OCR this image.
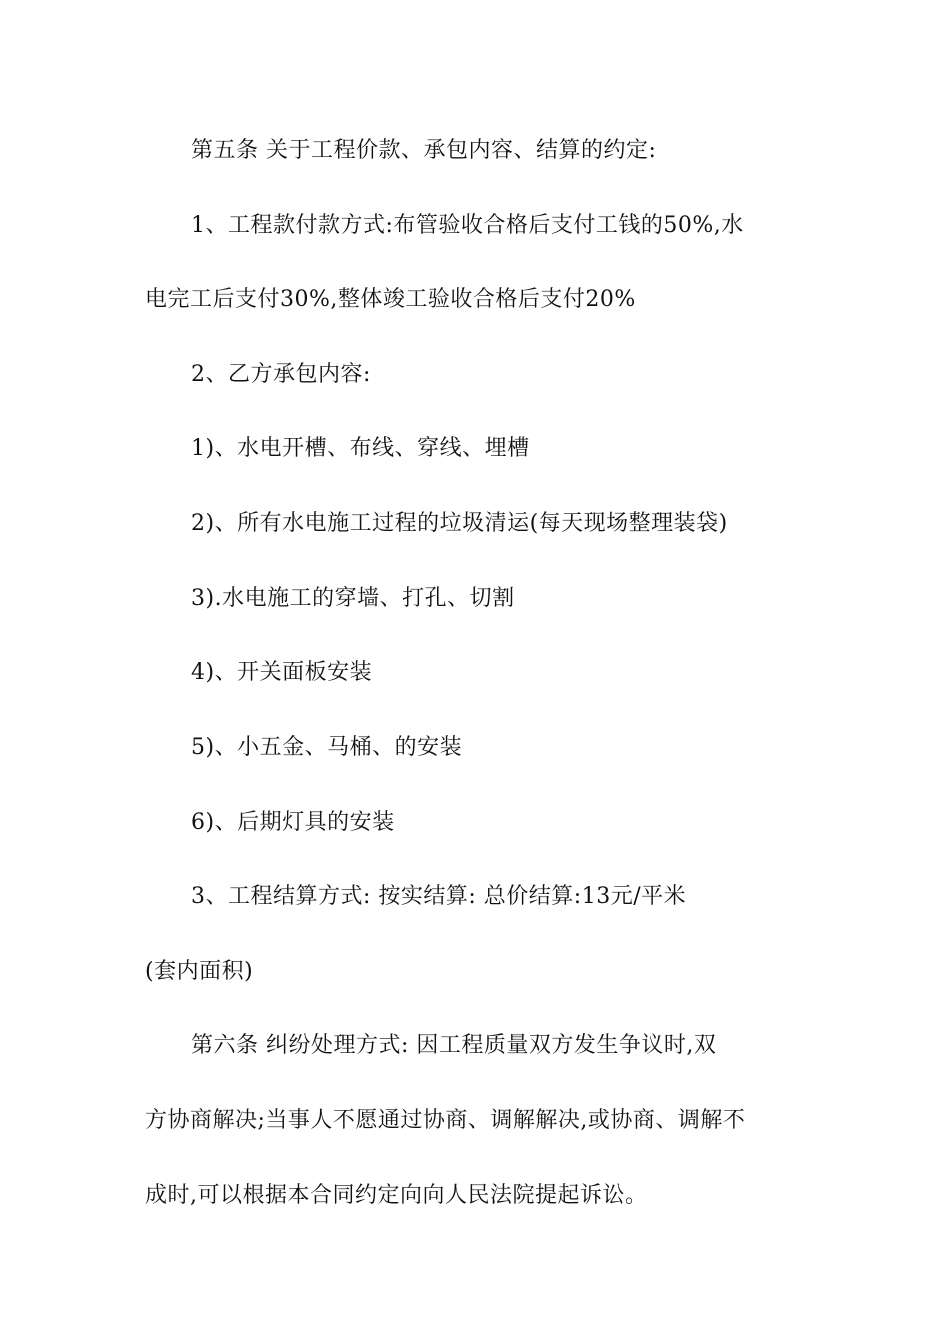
第五条 关于工程价款、承包内容、结算的约定:
1、工程款付款方式:布管验收合格后支付工钱的50%,水
电完工后支付30%,整体竣工验收合格后支付20%
2、乙方承包内容:
1)、水电开槽、布线、穿线、埋槽
2)、所有水电施工过程的垃圾清运(每天现场整理装袋)
3).水电施工的穿墙、打孔、切割
4)、开关面板安装
5)、小五金、马桶、的安装
6)、后期灯具的安装
3、工程结算方式: 按实结算: 总价结算:13元/平米
(套内面积)
第六条 纠纷处理方式: 因工程质量双方发生争议时,双
方协商解决;当事人不愿通过协商、调解解决,或协商、调解不
成时,可以根据本合同约定向向人民法院提起诉讼。
